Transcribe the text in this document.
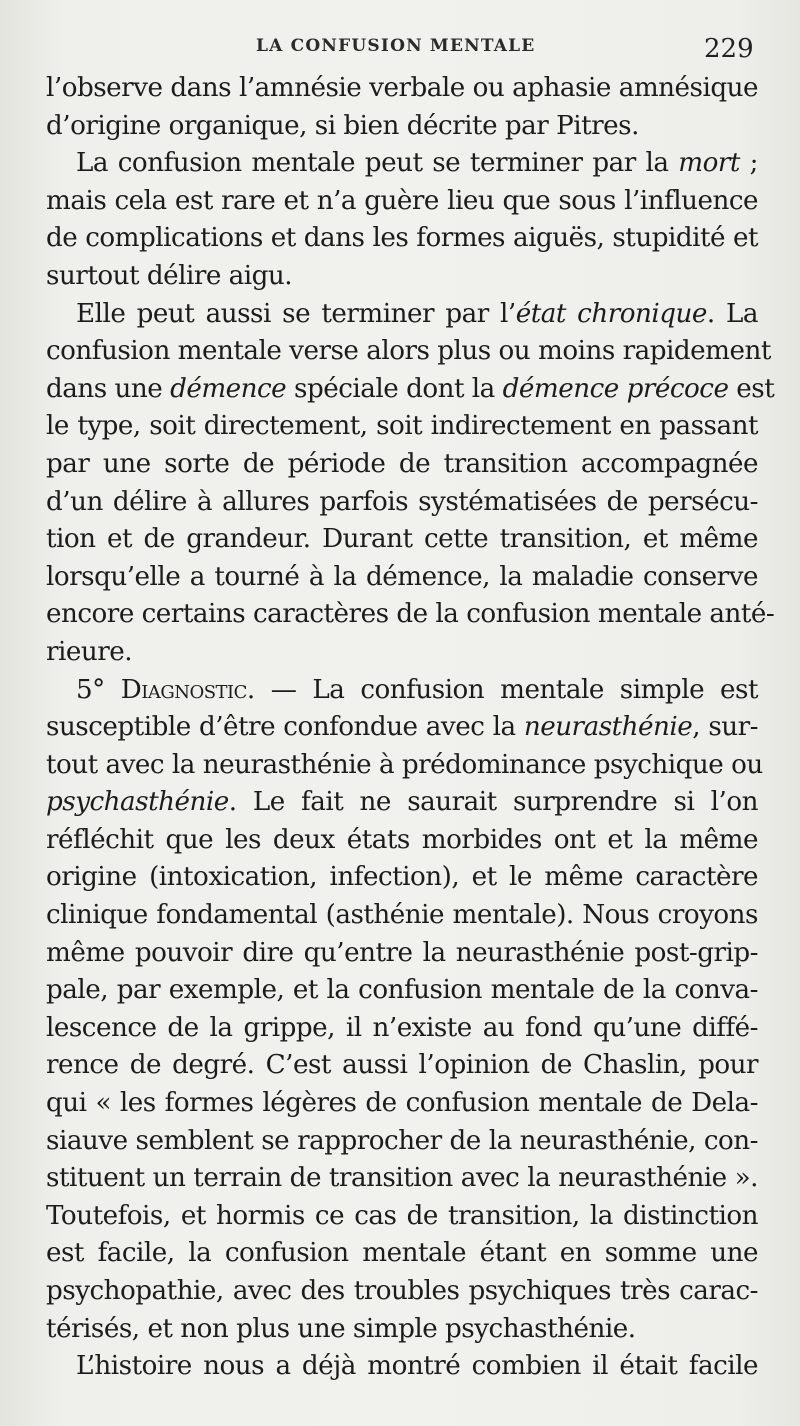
LA CONFUSION MENTALE	229
l’observe dans l’amnésie verbale ou aphasie amnésique
d’origine organique, si bien décrite par Pitres.
La confusion mentale peut se terminer par la mort ;
mais cela est rare et n’a guère lieu que sous l’influence
de complications et dans les formes aiguës, stupidité et
surtout délire aigu.
Elle peut aussi se terminer par l’état chronique. La
confusion mentale verse alors plus ou moins rapidement
dans une démence spéciale dont la démence précoce est
le type, soit directement, soit indirectement en passant
par une sorte de période de transition accompagnée
d’un délire à allures parfois systématisées de persécu-
tion et de grandeur. Durant cette transition, et même
lorsqu’elle a tourné à la démence, la maladie conserve
encore certains caractères de la confusion mentale anté-
rieure.
5° Diagnostic. — La confusion mentale simple est
susceptible d’être confondue avec la neurasthénie, sur-
tout avec la neurasthénie à prédominance psychique ou
psychasthénie. Le fait ne saurait surprendre si l’on
réfléchit que les deux états morbides ont et la même
origine (intoxication, infection), et le même caractère
clinique fondamental (asthénie mentale). Nous croyons
même pouvoir dire qu’entre la neurasthénie post-grip-
pale, par exemple, et la confusion mentale de la conva-
lescence de la grippe, il n’existe au fond qu’une diffé-
rence de degré. C’est aussi l’opinion de Chaslin, pour
qui « les formes légères de confusion mentale de Dela-
siauve semblent se rapprocher de la neurasthénie, con-
stituent un terrain de transition avec la neurasthénie ».
Toutefois, et hormis ce cas de transition, la distinction
est facile, la confusion mentale étant en somme une
psychopathie, avec des troubles psychiques très carac-
térisés, et non plus une simple psychasthénie.
L’histoire nous a déjà montré combien il était facile
